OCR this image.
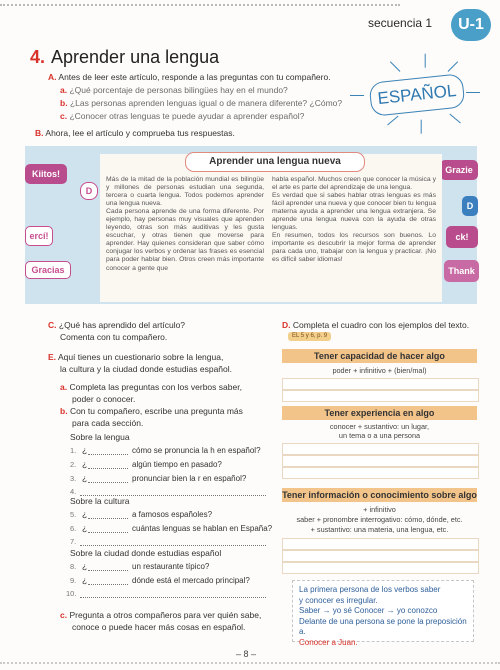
secuencia 1	U-1
4. Aprender una lengua
A. Antes de leer este artículo, responde a las preguntas con tu compañero.
a. ¿Qué porcentaje de personas bilingües hay en el mundo?
b. ¿Las personas aprenden lenguas igual o de manera diferente? ¿Cómo?
c. ¿Conocer otras lenguas te puede ayudar a aprender español?
ESPAÑOL
B. Ahora, lee el artículo y comprueba tus respuestas.
Kiitos!
D
ercí!
Gracias
Grazie
D
ck!
Thank
Aprender una lengua nueva

Más de la mitad de la población mundial es bilingüe y millones de personas estudian una segunda, tercera o cuarta lengua. Todos podemos aprender una lengua nueva.

Cada persona aprende de una forma diferente. Por ejemplo, hay personas muy visuales que aprenden leyendo, otras son más auditivas y les gusta escuchar, y otras tienen que moverse para aprender. Hay quienes consideran que saber cómo conjugar los verbos y ordenar las frases es esencial para poder hablar bien. Otros creen más importante conocer a gente que

habla español. Muchos creen que conocer la música y el arte es parte del aprendizaje de una lengua.

Es verdad que si sabes hablar otras lenguas es más fácil aprender una nueva y que conocer bien tu lengua materna ayuda a aprender una lengua extranjera. Se aprende una lengua nueva con la ayuda de otras lenguas.

En resumen, todos los recursos son buenos. Lo importante es descubrir la mejor forma de aprender para cada uno, trabajar con la lengua y practicar. ¡No es difícil saber idiomas!

C. ¿Qué has aprendido del artículo?
Comenta con tu compañero.
D. Completa el cuadro con los ejemplos del texto.
EL 5 y 6, p. 9
E. Aquí tienes un cuestionario sobre la lengua,
la cultura y la ciudad donde estudias español.
a. Completa las preguntas con los verbos saber,
poder o conocer.
b. Con tu compañero, escribe una pregunta más
para cada sección.
Sobre la lengua
1. ¿	cómo se pronuncia la h en español?
2. ¿	algún tiempo en pasado?
3. ¿	pronunciar bien la r en español?
4.
Sobre la cultura
5. ¿	a famosos españoles?
6. ¿	cuántas lenguas se hablan en España?
7.
Sobre la ciudad donde estudias español
8. ¿	un restaurante típico?
9. ¿	dónde está el mercado principal?
10.
c. Pregunta a otros compañeros para ver quién sabe,
conoce o puede hacer más cosas en español.
Tener capacidad de hacer algo
poder + infinitivo + (bien/mal)
Tener experiencia en algo
conocer + sustantivo: un lugar,
un tema o a una persona
Tener información o conocimiento sobre algo
+ infinitivo
saber + pronombre interrogativo: cómo, dónde, etc.
+ sustantivo: una materia, una lengua, etc.
La primera persona de los verbos saber
y conocer es irregular.
Saber → yo sé Conocer → yo conozco
Delante de una persona se pone la preposición a.
Conocer a Juan.
– 8 –
